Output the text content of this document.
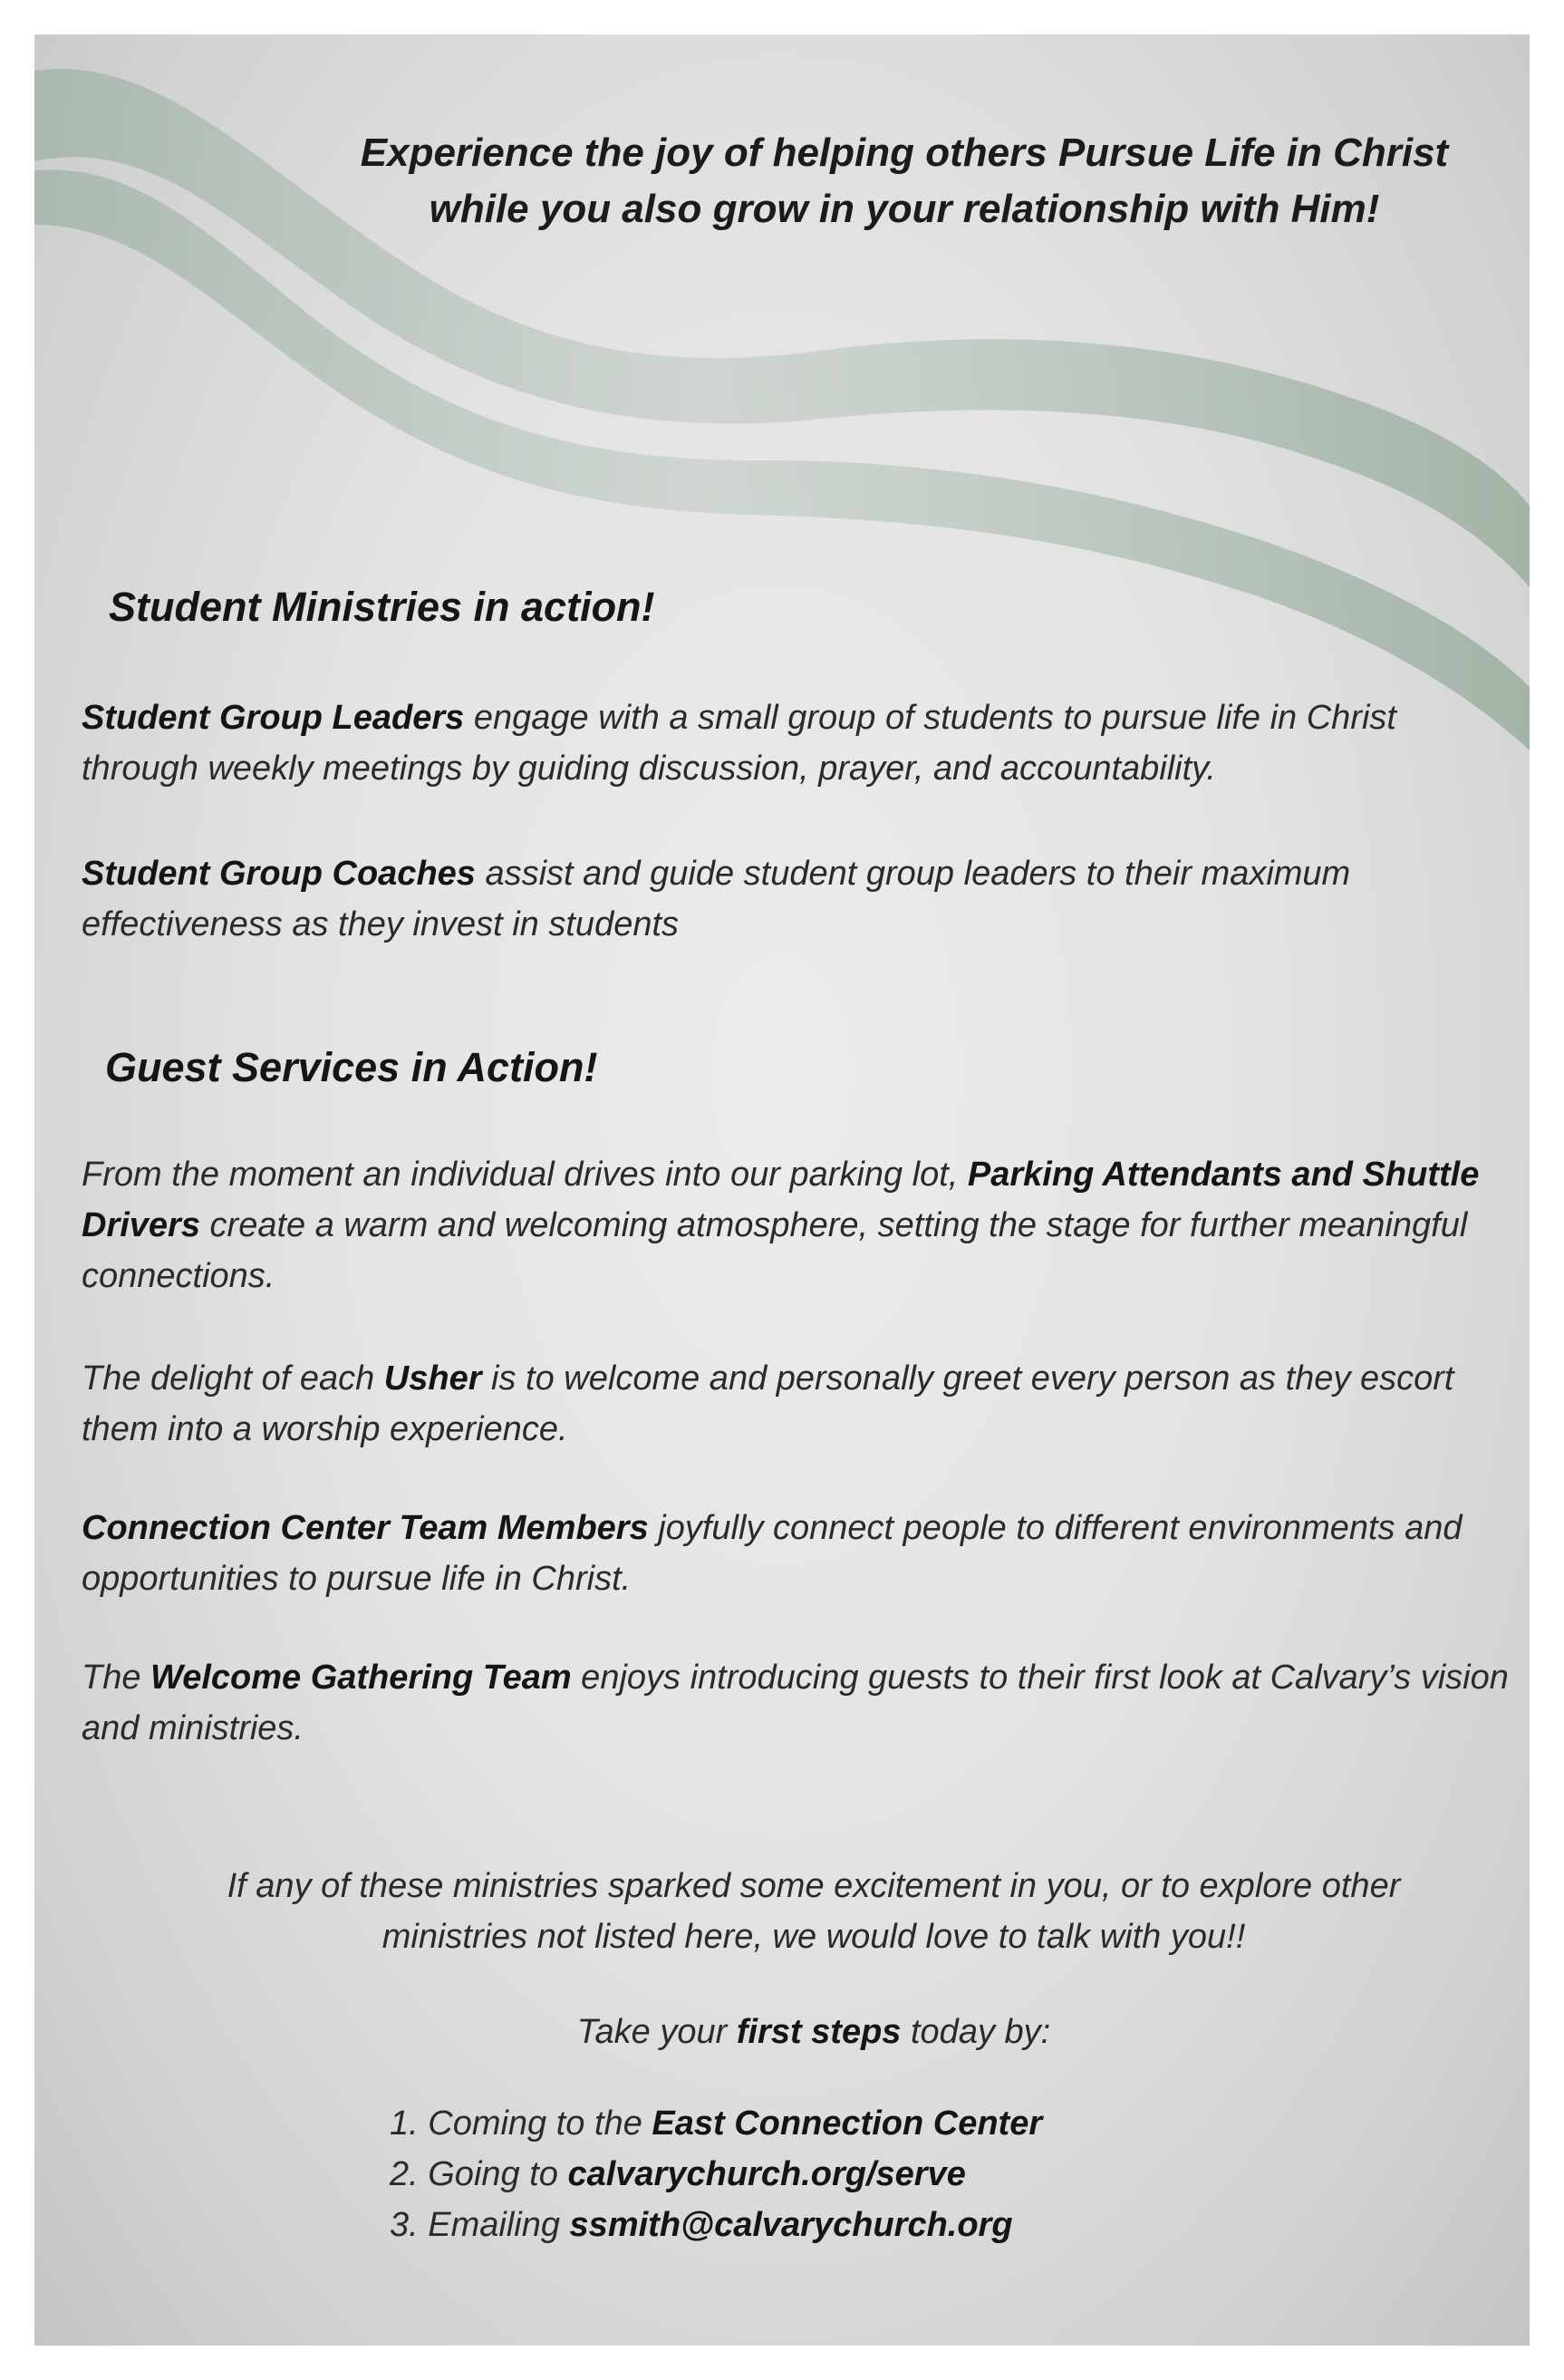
Experience the joy of helping others Pursue Life in Christ
while you also grow in your relationship with Him!

Student Ministries in action!

Student Group Leaders engage with a small group of students to pursue life in Christ through weekly meetings by guiding discussion, prayer, and accountability.

Student Group Coaches assist and guide student group leaders to their maximum effectiveness as they invest in students

Guest Services in Action!

From the moment an individual drives into our parking lot, Parking Attendants and Shuttle Drivers create a warm and welcoming atmosphere, setting the stage for further meaningful connections.

The delight of each Usher is to welcome and personally greet every person as they escort them into a worship experience.

Connection Center Team Members joyfully connect people to different environments and opportunities to pursue life in Christ.

The Welcome Gathering Team enjoys introducing guests to their first look at Calvary’s vision and ministries.

If any of these ministries sparked some excitement in you, or to explore other
ministries not listed here, we would love to talk with you!!

Take your first steps today by:

1. Coming to the East Connection Center
2. Going to calvarychurch.org/serve
3. Emailing ssmith@calvarychurch.org
